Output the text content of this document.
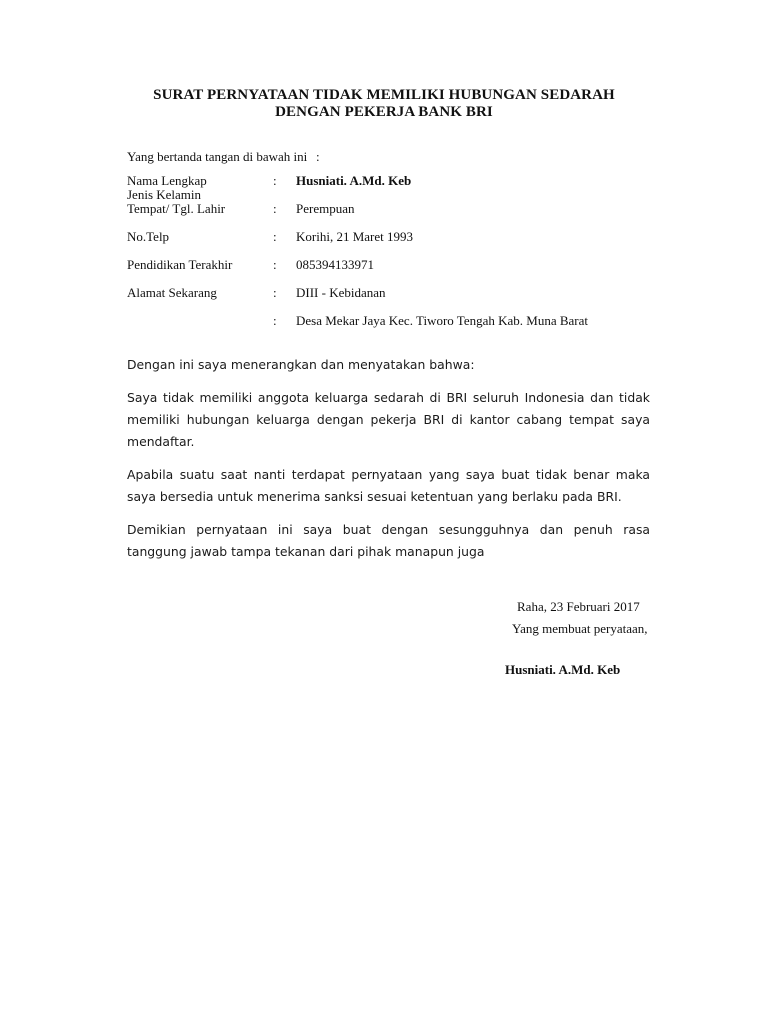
SURAT PERNYATAAN TIDAK MEMILIKI HUBUNGAN SEDARAH
DENGAN PEKERJA BANK BRI
Yang bertanda tangan di bawah ini :
Nama Lengkap
Jenis Kelamin
Tempat/ Tgl. Lahir
No.Telp
Pendidikan Terakhir
Alamat Sekarang
:
:
:
:
:
:
Husniati. A.Md. Keb
Perempuan
Korihi, 21 Maret 1993
085394133971
DIII - Kebidanan
Desa Mekar Jaya Kec. Tiworo Tengah Kab. Muna Barat
Dengan ini saya menerangkan dan menyatakan bahwa:
Saya tidak memiliki anggota keluarga sedarah di BRI seluruh Indonesia dan tidak memiliki hubungan keluarga dengan pekerja BRI di kantor cabang tempat saya mendaftar.
Apabila suatu saat nanti terdapat pernyataan yang saya buat tidak benar maka saya bersedia untuk menerima sanksi sesuai ketentuan yang berlaku pada BRI.
Demikian pernyataan ini saya buat dengan sesungguhnya dan penuh rasa tanggung jawab tampa tekanan dari pihak manapun juga
Raha, 23 Februari 2017
Yang membuat peryataan,
Husniati. A.Md. Keb
